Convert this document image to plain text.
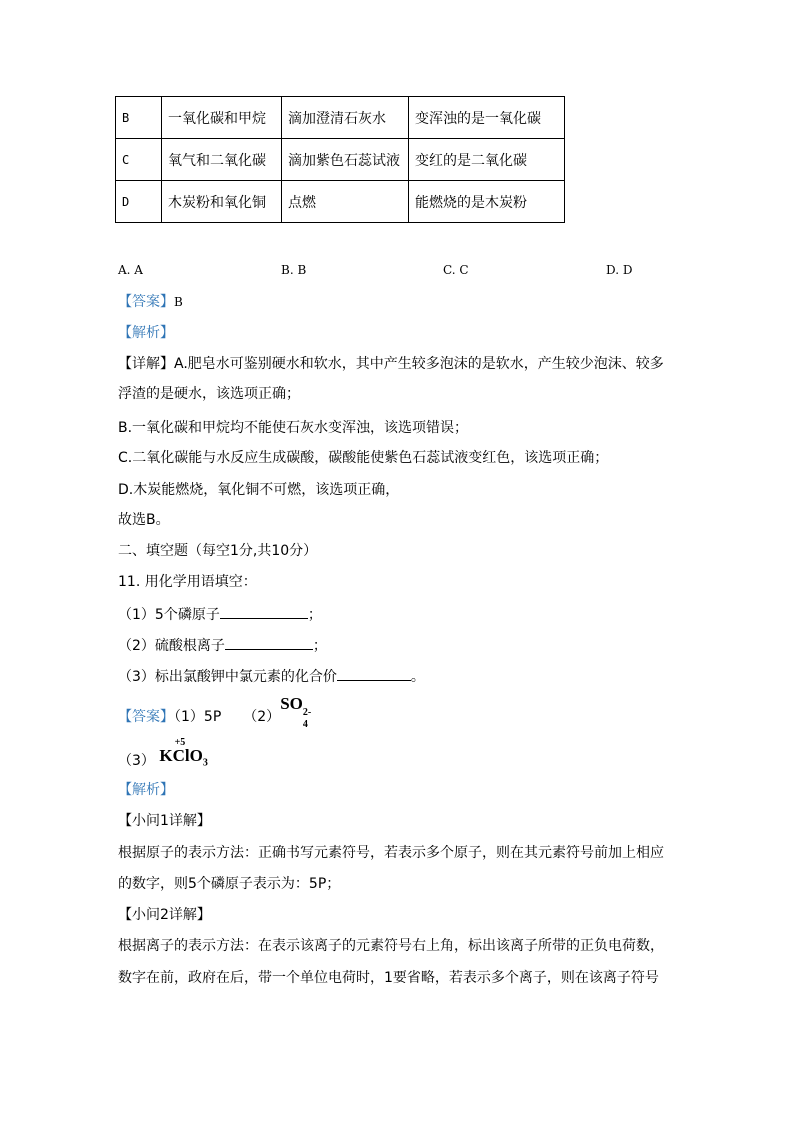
B	一氧化碳和甲烷	滴加澄清石灰水	变浑浊的是一氧化碳
C	氧气和二氧化碳	滴加紫色石蕊试液	变红的是二氧化碳
D	木炭粉和氧化铜	点燃	能燃烧的是木炭粉
A. A	B. B	C. C	D. D
【答案】B
【解析】
【详解】A.肥皂水可鉴别硬水和软水，其中产生较多泡沫的是软水，产生较少泡沫、较多
浮渣的是硬水，该选项正确；
B.一氧化碳和甲烷均不能使石灰水变浑浊，该选项错误；
C.二氧化碳能与水反应生成碳酸，碳酸能使紫色石蕊试液变红色，该选项正确；
D.木炭能燃烧，氧化铜不可燃，该选项正确，
故选B。
二、填空题（每空1分,共10分）
11. 用化学用语填空：
（1）5个磷原子	；
（2）硫酸根离子	；
（3）标出氯酸钾中氯元素的化合价	。
【答案】（1）5P （2）SO 2-
4
（3） K
+5
ClO$_3$
【解析】
【小问1详解】
根据原子的表示方法：正确书写元素符号，若表示多个原子，则在其元素符号前加上相应
的数字，则5个磷原子表示为：5P；
【小问2详解】
根据离子的表示方法：在表示该离子的元素符号右上角，标出该离子所带的正负电荷数，
数字在前，政府在后，带一个单位电荷时，1要省略，若表示多个离子，则在该离子符号
